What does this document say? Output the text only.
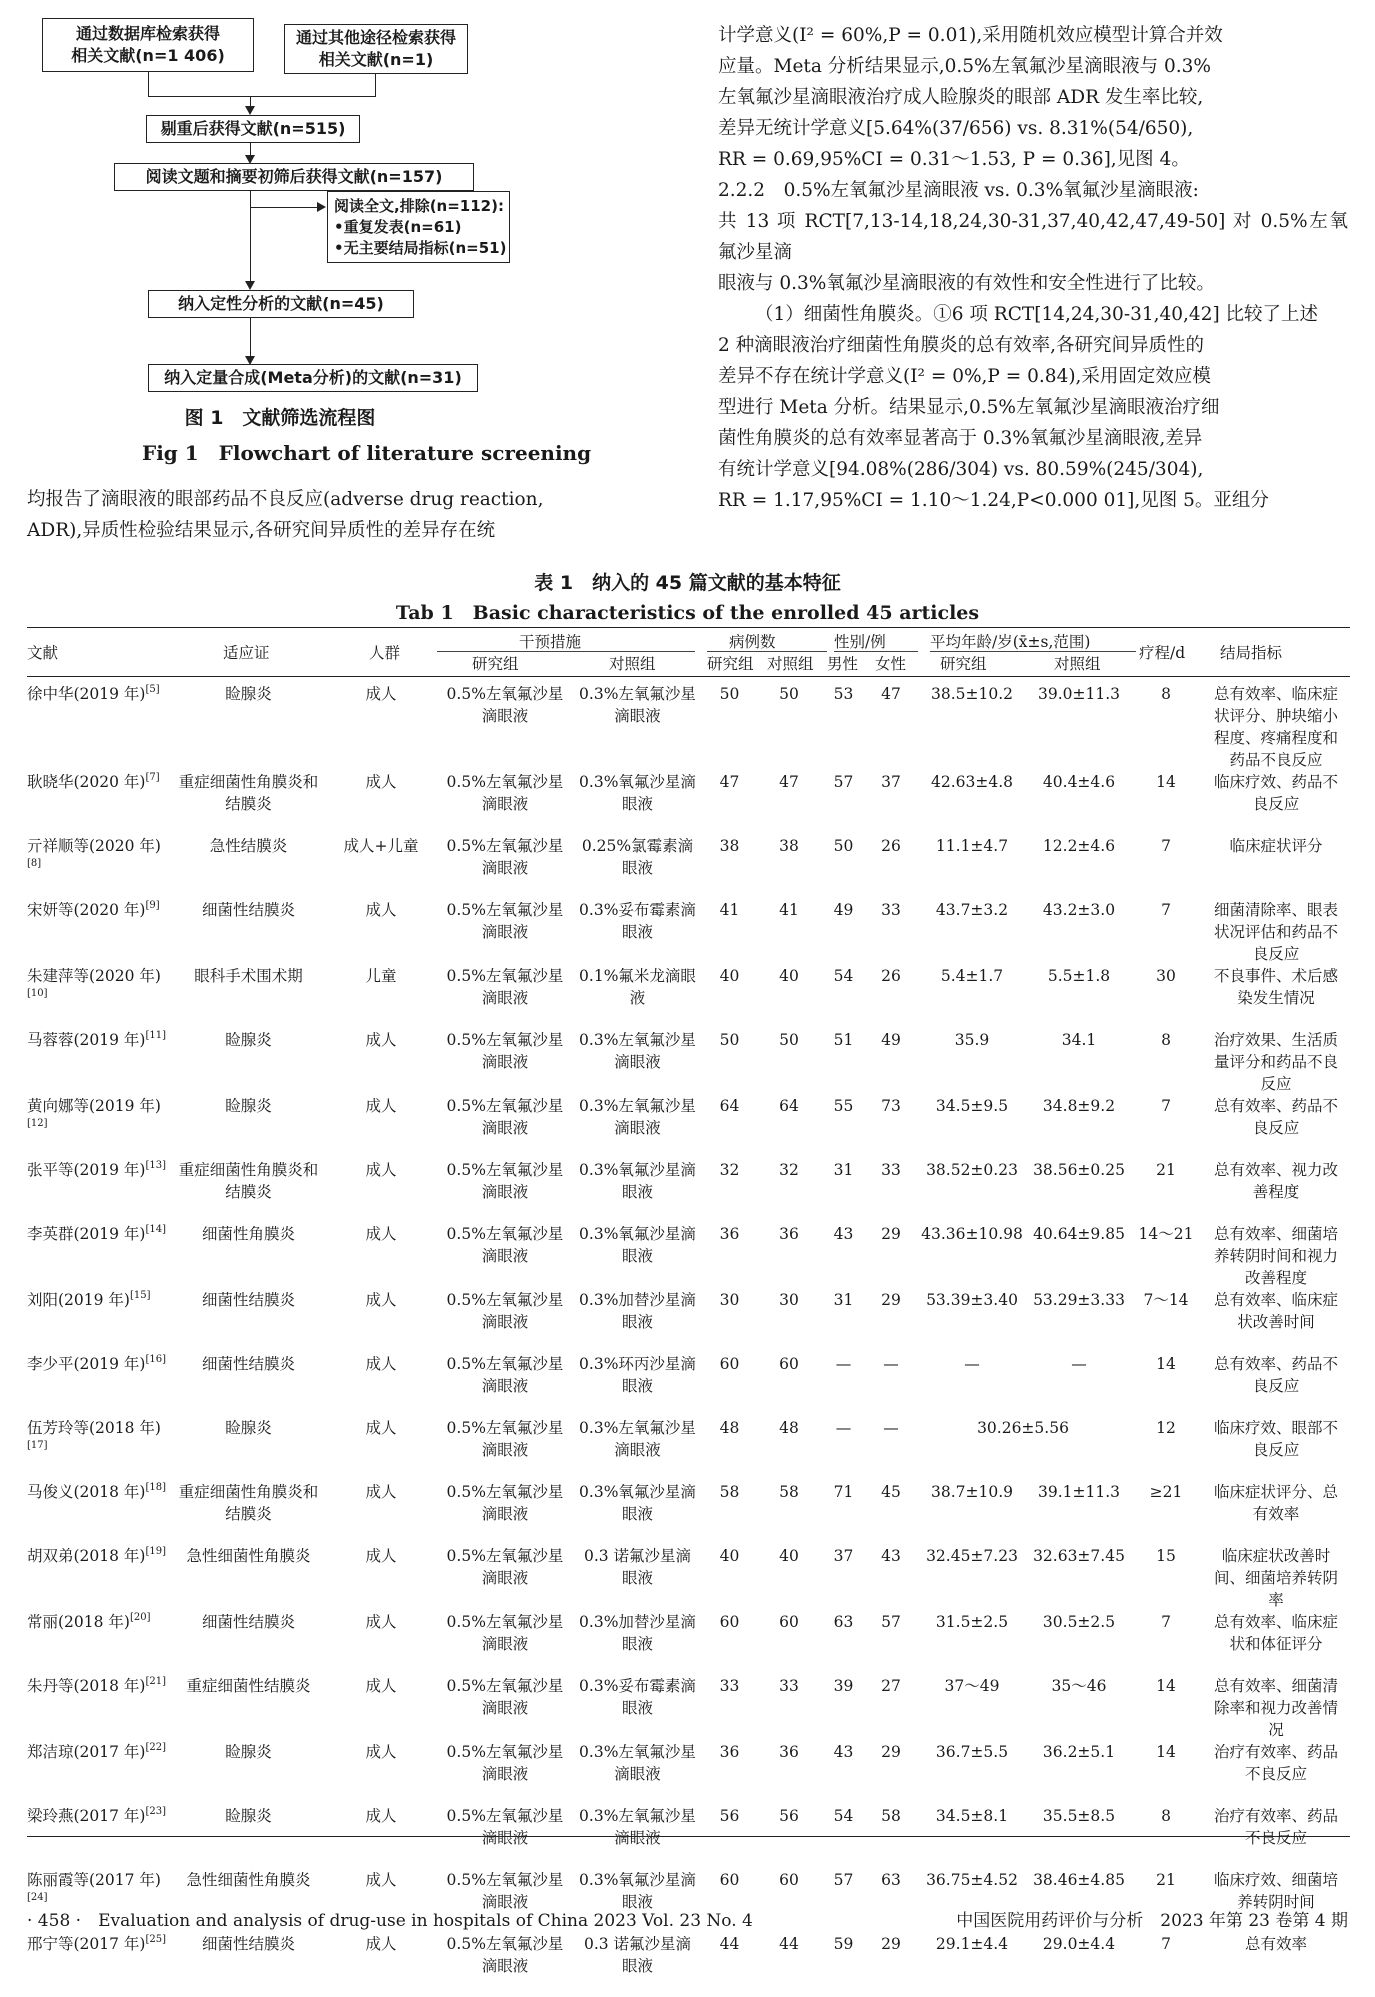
通过数据库检索获得
相关文献(n=1 406)
通过其他途径检索获得
相关文献(n=1)
剔重后获得文献(n=515)
阅读文题和摘要初筛后获得文献(n=157)
阅读全文,排除(n=112):
•重复发表(n=61)
•无主要结局指标(n=51)
纳入定性分析的文献(n=45)
纳入定量合成(Meta分析)的文献(n=31)
图 1　文献筛选流程图
Fig 1　Flowchart of literature screening

均报告了滴眼液的眼部药品不良反应(adverse drug reaction,

ADR),异质性检验结果显示,各研究间异质性的差异存在统

计学意义(I² = 60%,P = 0.01),采用随机效应模型计算合并效

应量。Meta 分析结果显示,0.5%左氧氟沙星滴眼液与 0.3%

左氧氟沙星滴眼液治疗成人睑腺炎的眼部 ADR 发生率比较,

差异无统计学意义[5.64%(37/656) vs. 8.31%(54/650),

RR = 0.69,95%CI = 0.31～1.53, P = 0.36],见图 4。

2.2.2　0.5%左氧氟沙星滴眼液 vs. 0.3%氧氟沙星滴眼液:

共 13 项 RCT[7,13-14,18,24,30-31,37,40,42,47,49-50] 对 0.5%左氧氟沙星滴

眼液与 0.3%氧氟沙星滴眼液的有效性和安全性进行了比较。

（1）细菌性角膜炎。①6 项 RCT[14,24,30-31,40,42] 比较了上述

2 种滴眼液治疗细菌性角膜炎的总有效率,各研究间异质性的

差异不存在统计学意义(I² = 0%,P = 0.84),采用固定效应模

型进行 Meta 分析。结果显示,0.5%左氧氟沙星滴眼液治疗细

菌性角膜炎的总有效率显著高于 0.3%氧氟沙星滴眼液,差异

有统计学意义[94.08%(286/304) vs. 80.59%(245/304),

RR = 1.17,95%CI = 1.10～1.24,P<0.000 01],见图 5。亚组分

表 1　纳入的 45 篇文献的基本特征
Tab 1　Basic characteristics of the enrolled 45 articles
文献	适应证	人群
干预措施
研究组	对照组
病例数
研究组 对照组
性别/例
男性	女性
平均年龄/岁(x̄±s,范围)
研究组	对照组
疗程/d	结局指标
徐中华(2019 年)[5]	睑腺炎	成人	0.5%左氧氟沙星滴眼液	0.3%左氧氟沙星滴眼液	50	50	53	47	38.5±10.2	39.0±11.3	8	总有效率、临床症状评分、肿块缩小程度、疼痛程度和药品不良反应
耿晓华(2020 年)[7]	重症细菌性角膜炎和结膜炎	成人	0.5%左氧氟沙星滴眼液	0.3%氧氟沙星滴眼液	47	47	57	37	42.63±4.8	40.4±4.6	14	临床疗效、药品不良反应
亓祥顺等(2020 年)[8]	急性结膜炎	成人+儿童	0.5%左氧氟沙星滴眼液	0.25%氯霉素滴眼液	38	38	50	26	11.1±4.7	12.2±4.6	7	临床症状评分
宋妍等(2020 年)[9]	细菌性结膜炎	成人	0.5%左氧氟沙星滴眼液	0.3%妥布霉素滴眼液	41	41	49	33	43.7±3.2	43.2±3.0	7	细菌清除率、眼表状况评估和药品不良反应
朱建萍等(2020 年)[10]	眼科手术围术期	儿童	0.5%左氧氟沙星滴眼液	0.1%氟米龙滴眼液	40	40	54	26	5.4±1.7	5.5±1.8	30	不良事件、术后感染发生情况
马蓉蓉(2019 年)[11]	睑腺炎	成人	0.5%左氧氟沙星滴眼液	0.3%左氧氟沙星滴眼液	50	50	51	49	35.9	34.1	8	治疗效果、生活质量评分和药品不良反应
黄向娜等(2019 年)[12]	睑腺炎	成人	0.5%左氧氟沙星滴眼液	0.3%左氧氟沙星滴眼液	64	64	55	73	34.5±9.5	34.8±9.2	7	总有效率、药品不良反应
张平等(2019 年)[13]	重症细菌性角膜炎和结膜炎	成人	0.5%左氧氟沙星滴眼液	0.3%氧氟沙星滴眼液	32	32	31	33	38.52±0.23	38.56±0.25	21	总有效率、视力改善程度
李英群(2019 年)[14]	细菌性角膜炎	成人	0.5%左氧氟沙星滴眼液	0.3%氧氟沙星滴眼液	36	36	43	29	43.36±10.98	40.64±9.85	14～21	总有效率、细菌培养转阴时间和视力改善程度
刘阳(2019 年)[15]	细菌性结膜炎	成人	0.5%左氧氟沙星滴眼液	0.3%加替沙星滴眼液	30	30	31	29	53.39±3.40	53.29±3.33	7～14	总有效率、临床症状改善时间
李少平(2019 年)[16]	细菌性结膜炎	成人	0.5%左氧氟沙星滴眼液	0.3%环丙沙星滴眼液	60	60	—	—	—	—	14	总有效率、药品不良反应
伍芳玲等(2018 年)[17]	睑腺炎	成人	0.5%左氧氟沙星滴眼液	0.3%左氧氟沙星滴眼液	48	48	—	—	30.26±5.56		12	临床疗效、眼部不良反应
马俊义(2018 年)[18]	重症细菌性角膜炎和结膜炎	成人	0.5%左氧氟沙星滴眼液	0.3%氧氟沙星滴眼液	58	58	71	45	38.7±10.9	39.1±11.3	≥21	临床症状评分、总有效率
胡双弟(2018 年)[19]	急性细菌性角膜炎	成人	0.5%左氧氟沙星滴眼液	0.3 诺氟沙星滴眼液	40	40	37	43	32.45±7.23	32.63±7.45	15	临床症状改善时间、细菌培养转阴率
常丽(2018 年)[20]	细菌性结膜炎	成人	0.5%左氧氟沙星滴眼液	0.3%加替沙星滴眼液	60	60	63	57	31.5±2.5	30.5±2.5	7	总有效率、临床症状和体征评分
朱丹等(2018 年)[21]	重症细菌性结膜炎	成人	0.5%左氧氟沙星滴眼液	0.3%妥布霉素滴眼液	33	33	39	27	37～49	35～46	14	总有效率、细菌清除率和视力改善情况
郑洁琼(2017 年)[22]	睑腺炎	成人	0.5%左氧氟沙星滴眼液	0.3%左氧氟沙星滴眼液	36	36	43	29	36.7±5.5	36.2±5.1	14	治疗有效率、药品不良反应
梁玲燕(2017 年)[23]	睑腺炎	成人	0.5%左氧氟沙星滴眼液	0.3%左氧氟沙星滴眼液	56	56	54	58	34.5±8.1	35.5±8.5	8	治疗有效率、药品不良反应
陈丽霞等(2017 年)[24]	急性细菌性角膜炎	成人	0.5%左氧氟沙星滴眼液	0.3%氧氟沙星滴眼液	60	60	57	63	36.75±4.52	38.46±4.85	21	临床疗效、细菌培养转阴时间
邢宁等(2017 年)[25]	细菌性结膜炎	成人	0.5%左氧氟沙星滴眼液	0.3 诺氟沙星滴眼液	44	44	59	29	29.1±4.4	29.0±4.4	7	总有效率
· 458 ·　Evaluation and analysis of drug-use in hospitals of China 2023 Vol. 23 No. 4	中国医院用药评价与分析　2023 年第 23 卷第 4 期
